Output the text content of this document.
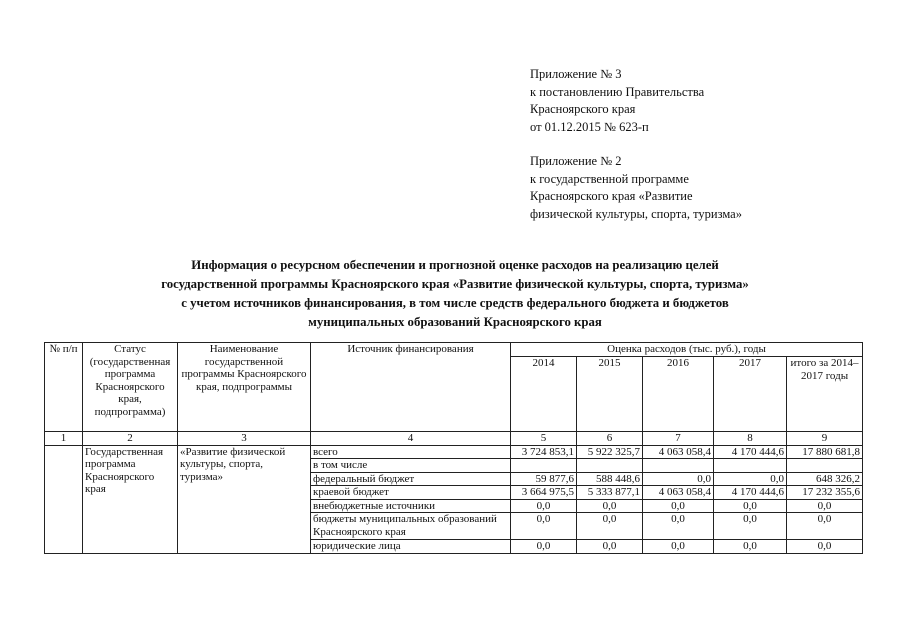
Приложение № 3
к постановлению Правительства
Красноярского края
от 01.12.2015 № 623-п
Приложение № 2
к государственной программе
Красноярского края «Развитие
физической культуры, спорта, туризма»
Информация о ресурсном обеспечении и прогнозной оценке расходов на реализацию целей
государственной программы Красноярского края «Развитие физической культуры, спорта, туризма»
с учетом источников финансирования, в том числе средств федерального бюджета и бюджетов
муниципальных образований Красноярского края
№ п/п	Статус (государственная программа Красноярского края, подпрограмма)	Наименование государственной программы Красноярского края, подпрограммы	Источник финансирования	Оценка расходов (тыс. руб.), годы				
				2014	2015	2016	2017	итого за 2014–2017 годы
1	2	3	4	5	6	7	8	9
	Государственная программа Красноярского края	«Развитие физической культуры, спорта, туризма»	всего	3 724 853,1	5 922 325,7	4 063 058,4	4 170 444,6	17 880 681,8
			в том числе					
			федеральный бюджет	59 877,6	588 448,6	0,0	0,0	648 326,2
			краевой бюджет	3 664 975,5	5 333 877,1	4 063 058,4	4 170 444,6	17 232 355,6
			внебюджетные источники	0,0	0,0	0,0	0,0	0,0
			бюджеты муниципальных образований Красноярского края	0,0	0,0	0,0	0,0	0,0
			юридические лица	0,0	0,0	0,0	0,0	0,0
